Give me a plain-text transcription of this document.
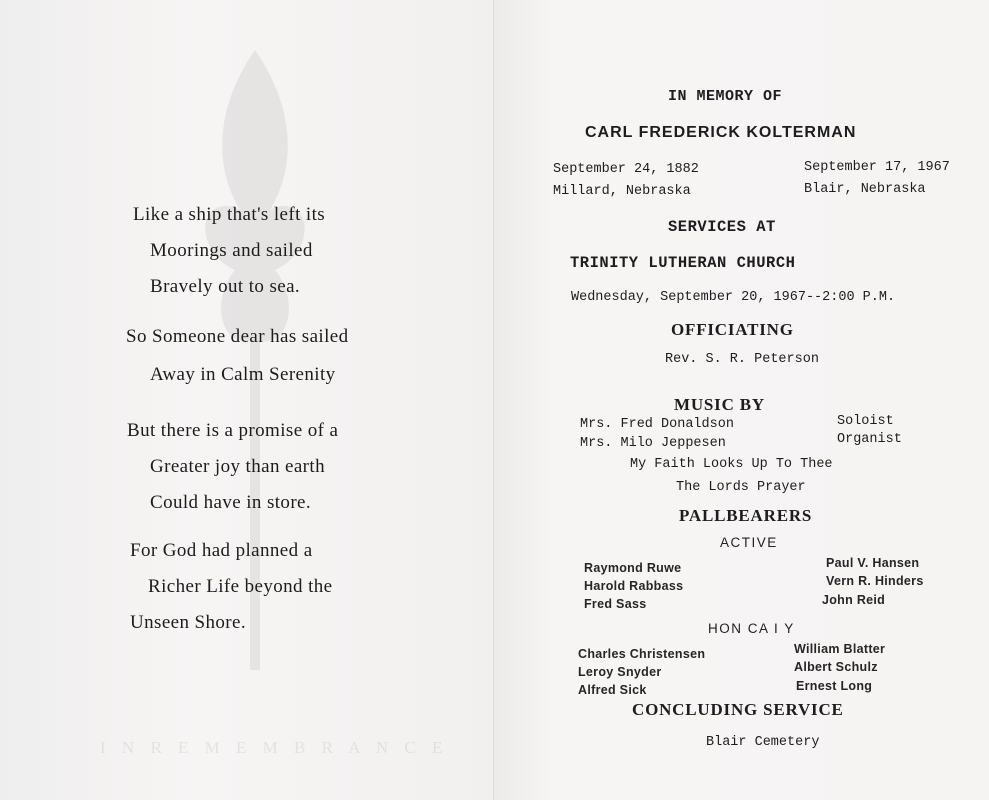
I N R E M E M B R A N C E
Like a ship that's left its
Moorings and sailed
Bravely out to sea.
So Someone dear has sailed
Away in Calm Serenity
But there is a promise of a
Greater joy than earth
Could have in store.
For God had planned a
Richer Life beyond the
Unseen Shore.
IN MEMORY OF
CARL FREDERICK KOLTERMAN
September 24, 1882
Millard, Nebraska
September 17, 1967
Blair, Nebraska
SERVICES AT
TRINITY LUTHERAN CHURCH
Wednesday, September 20, 1967--2:00 P.M.
OFFICIATING
Rev. S. R. Peterson
MUSIC BY
Mrs. Fred Donaldson	Soloist
Mrs. Milo Jeppesen	Organist
My Faith Looks Up To Thee
The Lords Prayer
PALLBEARERS
ACTIVE
Raymond Ruwe
Harold Rabbass
Fred Sass
Paul V. Hansen
Vern R. Hinders
John Reid
HON CA I Y
Charles Christensen
Leroy Snyder
Alfred Sick
William Blatter
Albert Schulz
Ernest Long
CONCLUDING SERVICE
Blair Cemetery
